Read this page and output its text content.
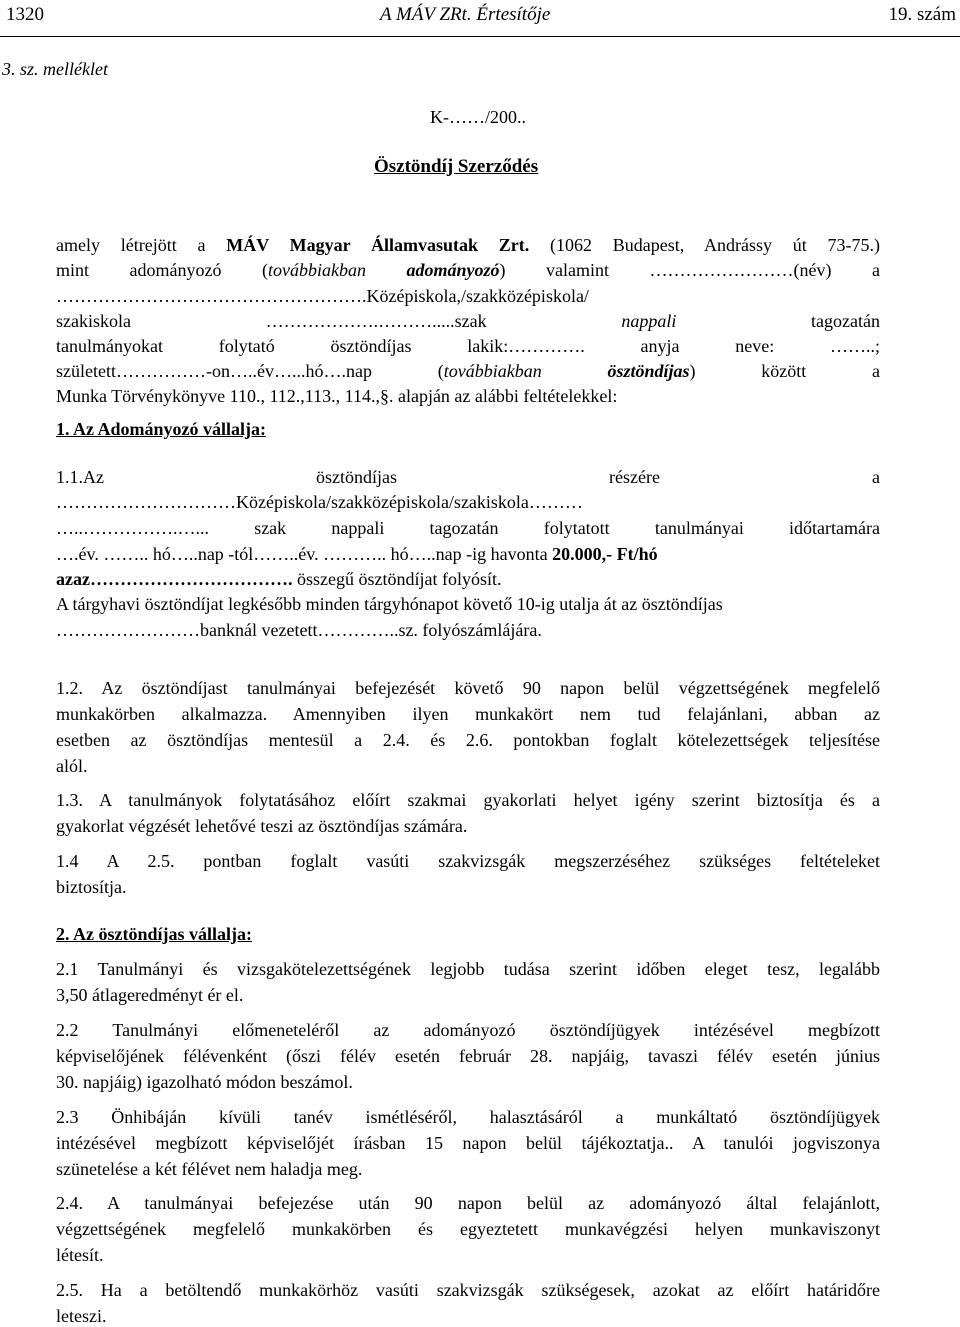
1320	A MÁV ZRt. Értesítője	19. szám
3. sz. melléklet
K-……/200..
Ösztöndíj Szerződés
amely létrejött a MÁV Magyar Államvasutak Zrt. (1062 Budapest, Andrássy út 73-75.)
mint adományozó (továbbiakban adományozó) valamint ……………………(név) a
…………………………………………….Középiskola,/szakközépiskola/
szakiskola ……………….……….....szak nappali tagozatán
tanulmányokat folytató ösztöndíjas lakik:…………. anyja neve: ……..;
született……………-on…..év…...hó….nap (továbbiakban	ösztöndíjas) között a
Munka Törvénykönyve 110., 112.,113., 114.,§. alapján az alábbi feltételekkel:
1. Az Adományozó vállalja:
1.1.Az	ösztöndíjas	részére	a
…………………………Középiskola/szakközépiskola/szakiskola………
…..…………….…... szak nappali tagozatán folytatott tanulmányai időtartamára
….év. …….. hó…..nap -tól……..év. ……….. hó…..nap -ig havonta 20.000,- Ft/hó
azaz……………………………. összegű ösztöndíjat folyósít.
A tárgyhavi ösztöndíjat legkésőbb minden tárgyhónapot követő 10-ig utalja át az ösztöndíjas
……………………banknál vezetett…………..sz. folyószámlájára.
1.2. Az ösztöndíjast tanulmányai befejezését követő 90 napon belül végzettségének megfelelő
munkakörben alkalmazza. Amennyiben ilyen munkakört nem tud felajánlani, abban az
esetben az ösztöndíjas mentesül a 2.4. és 2.6. pontokban foglalt kötelezettségek teljesítése
alól.
1.3. A tanulmányok folytatásához előírt szakmai gyakorlati helyet igény szerint biztosítja és a
gyakorlat végzését lehetővé teszi az ösztöndíjas számára.
1.4 A 2.5. pontban foglalt vasúti szakvizsgák megszerzéséhez szükséges feltételeket
biztosítja.
2. Az ösztöndíjas vállalja:
2.1 Tanulmányi és vizsgakötelezettségének legjobb tudása szerint időben eleget tesz, legalább
3,50 átlageredményt ér el.
2.2 Tanulmányi előmeneteléről az adományozó ösztöndíjügyek intézésével megbízott
képviselőjének félévenként (őszi félév esetén február 28. napjáig, tavaszi félév esetén június
30. napjáig) igazolható módon beszámol.
2.3 Önhibáján kívüli tanév ismétléséről, halasztásáról a munkáltató ösztöndíjügyek
intézésével megbízott képviselőjét írásban 15 napon belül tájékoztatja.. A tanulói jogviszonya
szünetelése a két félévet nem haladja meg.
2.4. A tanulmányai befejezése után 90 napon belül az adományozó által felajánlott,
végzettségének megfelelő munkakörben és egyeztetett munkavégzési helyen munkaviszonyt
létesít.
2.5. Ha a betöltendő munkakörhöz vasúti szakvizsgák szükségesek, azokat az előírt határidőre
leteszi.
